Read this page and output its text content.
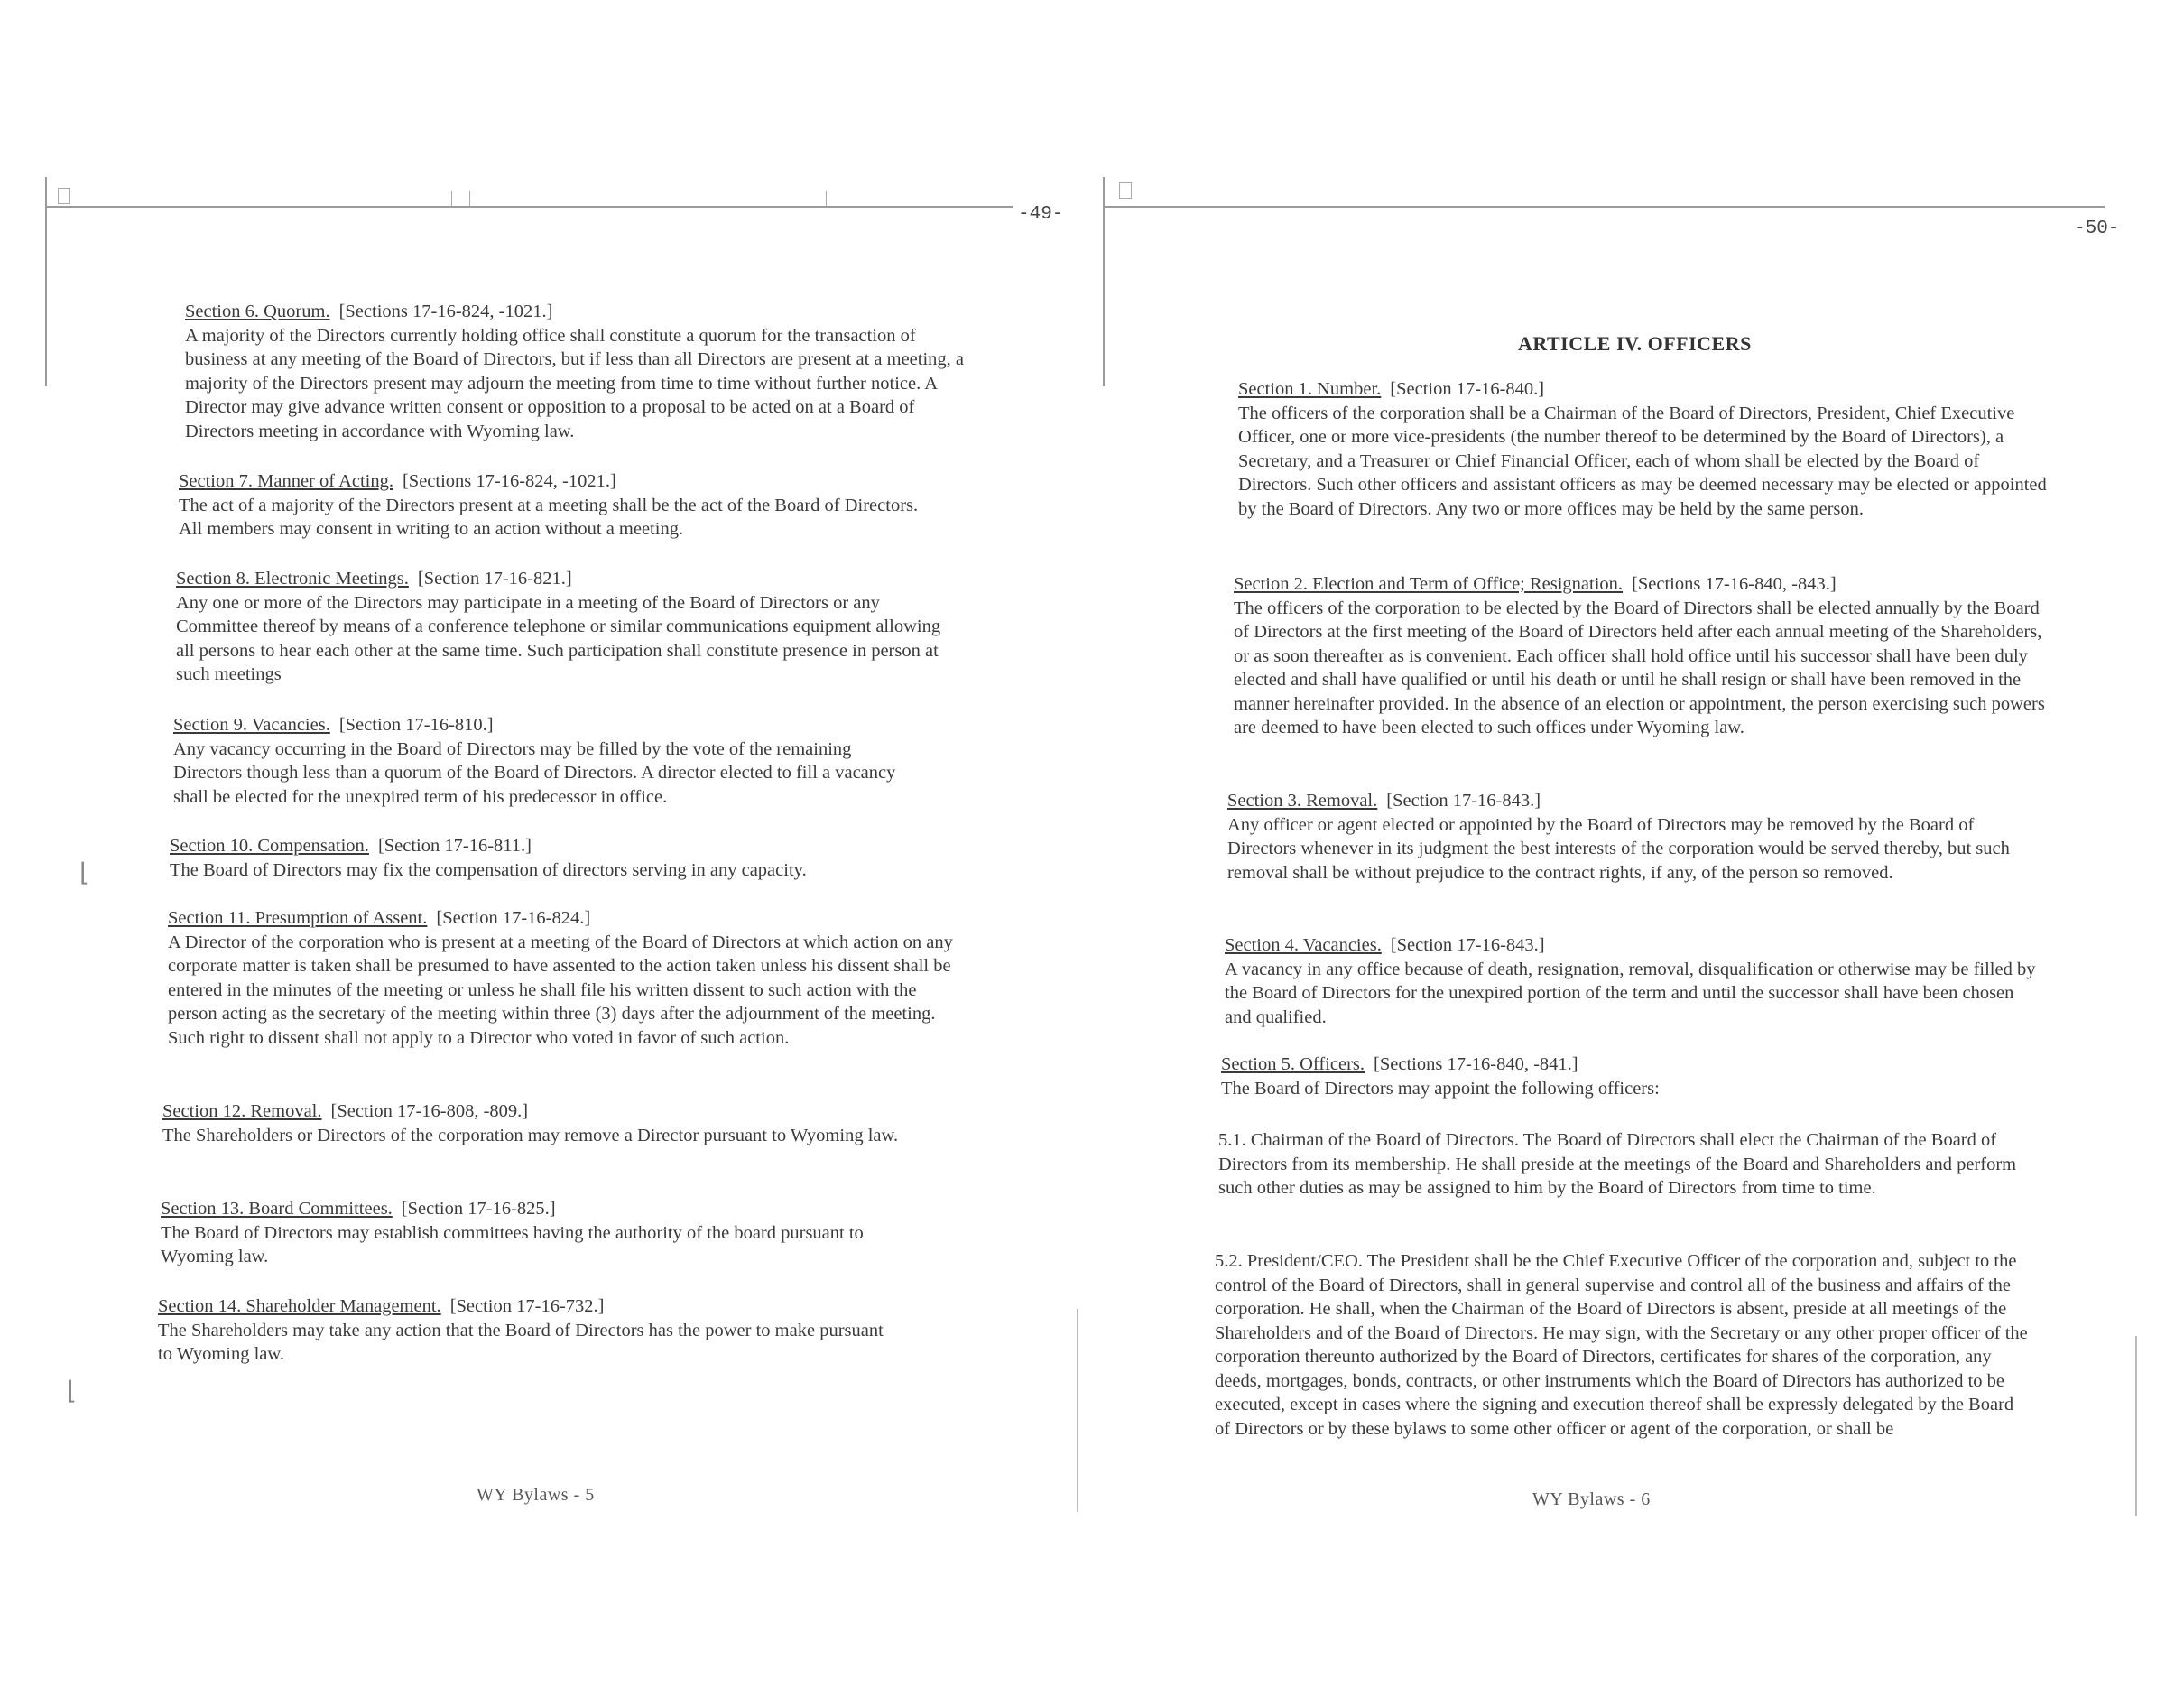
-49-
Section 6. Quorum. [Sections 17-16-824, -1021.]
A majority of the Directors currently holding office shall constitute a quorum for the transaction of business at any meeting of the Board of Directors, but if less than all Directors are present at a meeting, a majority of the Directors present may adjourn the meeting from time to time without further notice. A Director may give advance written consent or opposition to a proposal to be acted on at a Board of Directors meeting in accordance with Wyoming law.
Section 7. Manner of Acting. [Sections 17-16-824, -1021.]
The act of a majority of the Directors present at a meeting shall be the act of the Board of Directors. All members may consent in writing to an action without a meeting.
Section 8. Electronic Meetings. [Section 17-16-821.]
Any one or more of the Directors may participate in a meeting of the Board of Directors or any Committee thereof by means of a conference telephone or similar communications equipment allowing all persons to hear each other at the same time. Such participation shall constitute presence in person at such meetings
Section 9. Vacancies. [Section 17-16-810.]
Any vacancy occurring in the Board of Directors may be filled by the vote of the remaining Directors though less than a quorum of the Board of Directors. A director elected to fill a vacancy shall be elected for the unexpired term of his predecessor in office.
Section 10. Compensation. [Section 17-16-811.]
The Board of Directors may fix the compensation of directors serving in any capacity.
Section 11. Presumption of Assent. [Section 17-16-824.]
A Director of the corporation who is present at a meeting of the Board of Directors at which action on any corporate matter is taken shall be presumed to have assented to the action taken unless his dissent shall be entered in the minutes of the meeting or unless he shall file his written dissent to such action with the person acting as the secretary of the meeting within three (3) days after the adjournment of the meeting. Such right to dissent shall not apply to a Director who voted in favor of such action.
Section 12. Removal. [Section 17-16-808, -809.]
The Shareholders or Directors of the corporation may remove a Director pursuant to Wyoming law.
Section 13. Board Committees. [Section 17-16-825.]
The Board of Directors may establish committees having the authority of the board pursuant to Wyoming law.
Section 14. Shareholder Management. [Section 17-16-732.]
The Shareholders may take any action that the Board of Directors has the power to make pursuant to Wyoming law.
⌊
⌊
WY Bylaws - 5
-50-
ARTICLE IV. OFFICERS
Section 1. Number. [Section 17-16-840.]
The officers of the corporation shall be a Chairman of the Board of Directors, President, Chief Executive Officer, one or more vice-presidents (the number thereof to be determined by the Board of Directors), a Secretary, and a Treasurer or Chief Financial Officer, each of whom shall be elected by the Board of Directors. Such other officers and assistant officers as may be deemed necessary may be elected or appointed by the Board of Directors. Any two or more offices may be held by the same person.
Section 2. Election and Term of Office; Resignation. [Sections 17-16-840, -843.]
The officers of the corporation to be elected by the Board of Directors shall be elected annually by the Board of Directors at the first meeting of the Board of Directors held after each annual meeting of the Shareholders, or as soon thereafter as is convenient. Each officer shall hold office until his successor shall have been duly elected and shall have qualified or until his death or until he shall resign or shall have been removed in the manner hereinafter provided. In the absence of an election or appointment, the person exercising such powers are deemed to have been elected to such offices under Wyoming law.
Section 3. Removal. [Section 17-16-843.]
Any officer or agent elected or appointed by the Board of Directors may be removed by the Board of Directors whenever in its judgment the best interests of the corporation would be served thereby, but such removal shall be without prejudice to the contract rights, if any, of the person so removed.
Section 4. Vacancies. [Section 17-16-843.]
A vacancy in any office because of death, resignation, removal, disqualification or otherwise may be filled by the Board of Directors for the unexpired portion of the term and until the successor shall have been chosen and qualified.
Section 5. Officers. [Sections 17-16-840, -841.]
The Board of Directors may appoint the following officers:
5.1. Chairman of the Board of Directors. The Board of Directors shall elect the Chairman of the Board of Directors from its membership. He shall preside at the meetings of the Board and Shareholders and perform such other duties as may be assigned to him by the Board of Directors from time to time.
5.2. President/CEO. The President shall be the Chief Executive Officer of the corporation and, subject to the control of the Board of Directors, shall in general supervise and control all of the business and affairs of the corporation. He shall, when the Chairman of the Board of Directors is absent, preside at all meetings of the Shareholders and of the Board of Directors. He may sign, with the Secretary or any other proper officer of the corporation thereunto authorized by the Board of Directors, certificates for shares of the corporation, any deeds, mortgages, bonds, contracts, or other instruments which the Board of Directors has authorized to be executed, except in cases where the signing and execution thereof shall be expressly delegated by the Board of Directors or by these bylaws to some other officer or agent of the corporation, or shall be
WY Bylaws - 6
